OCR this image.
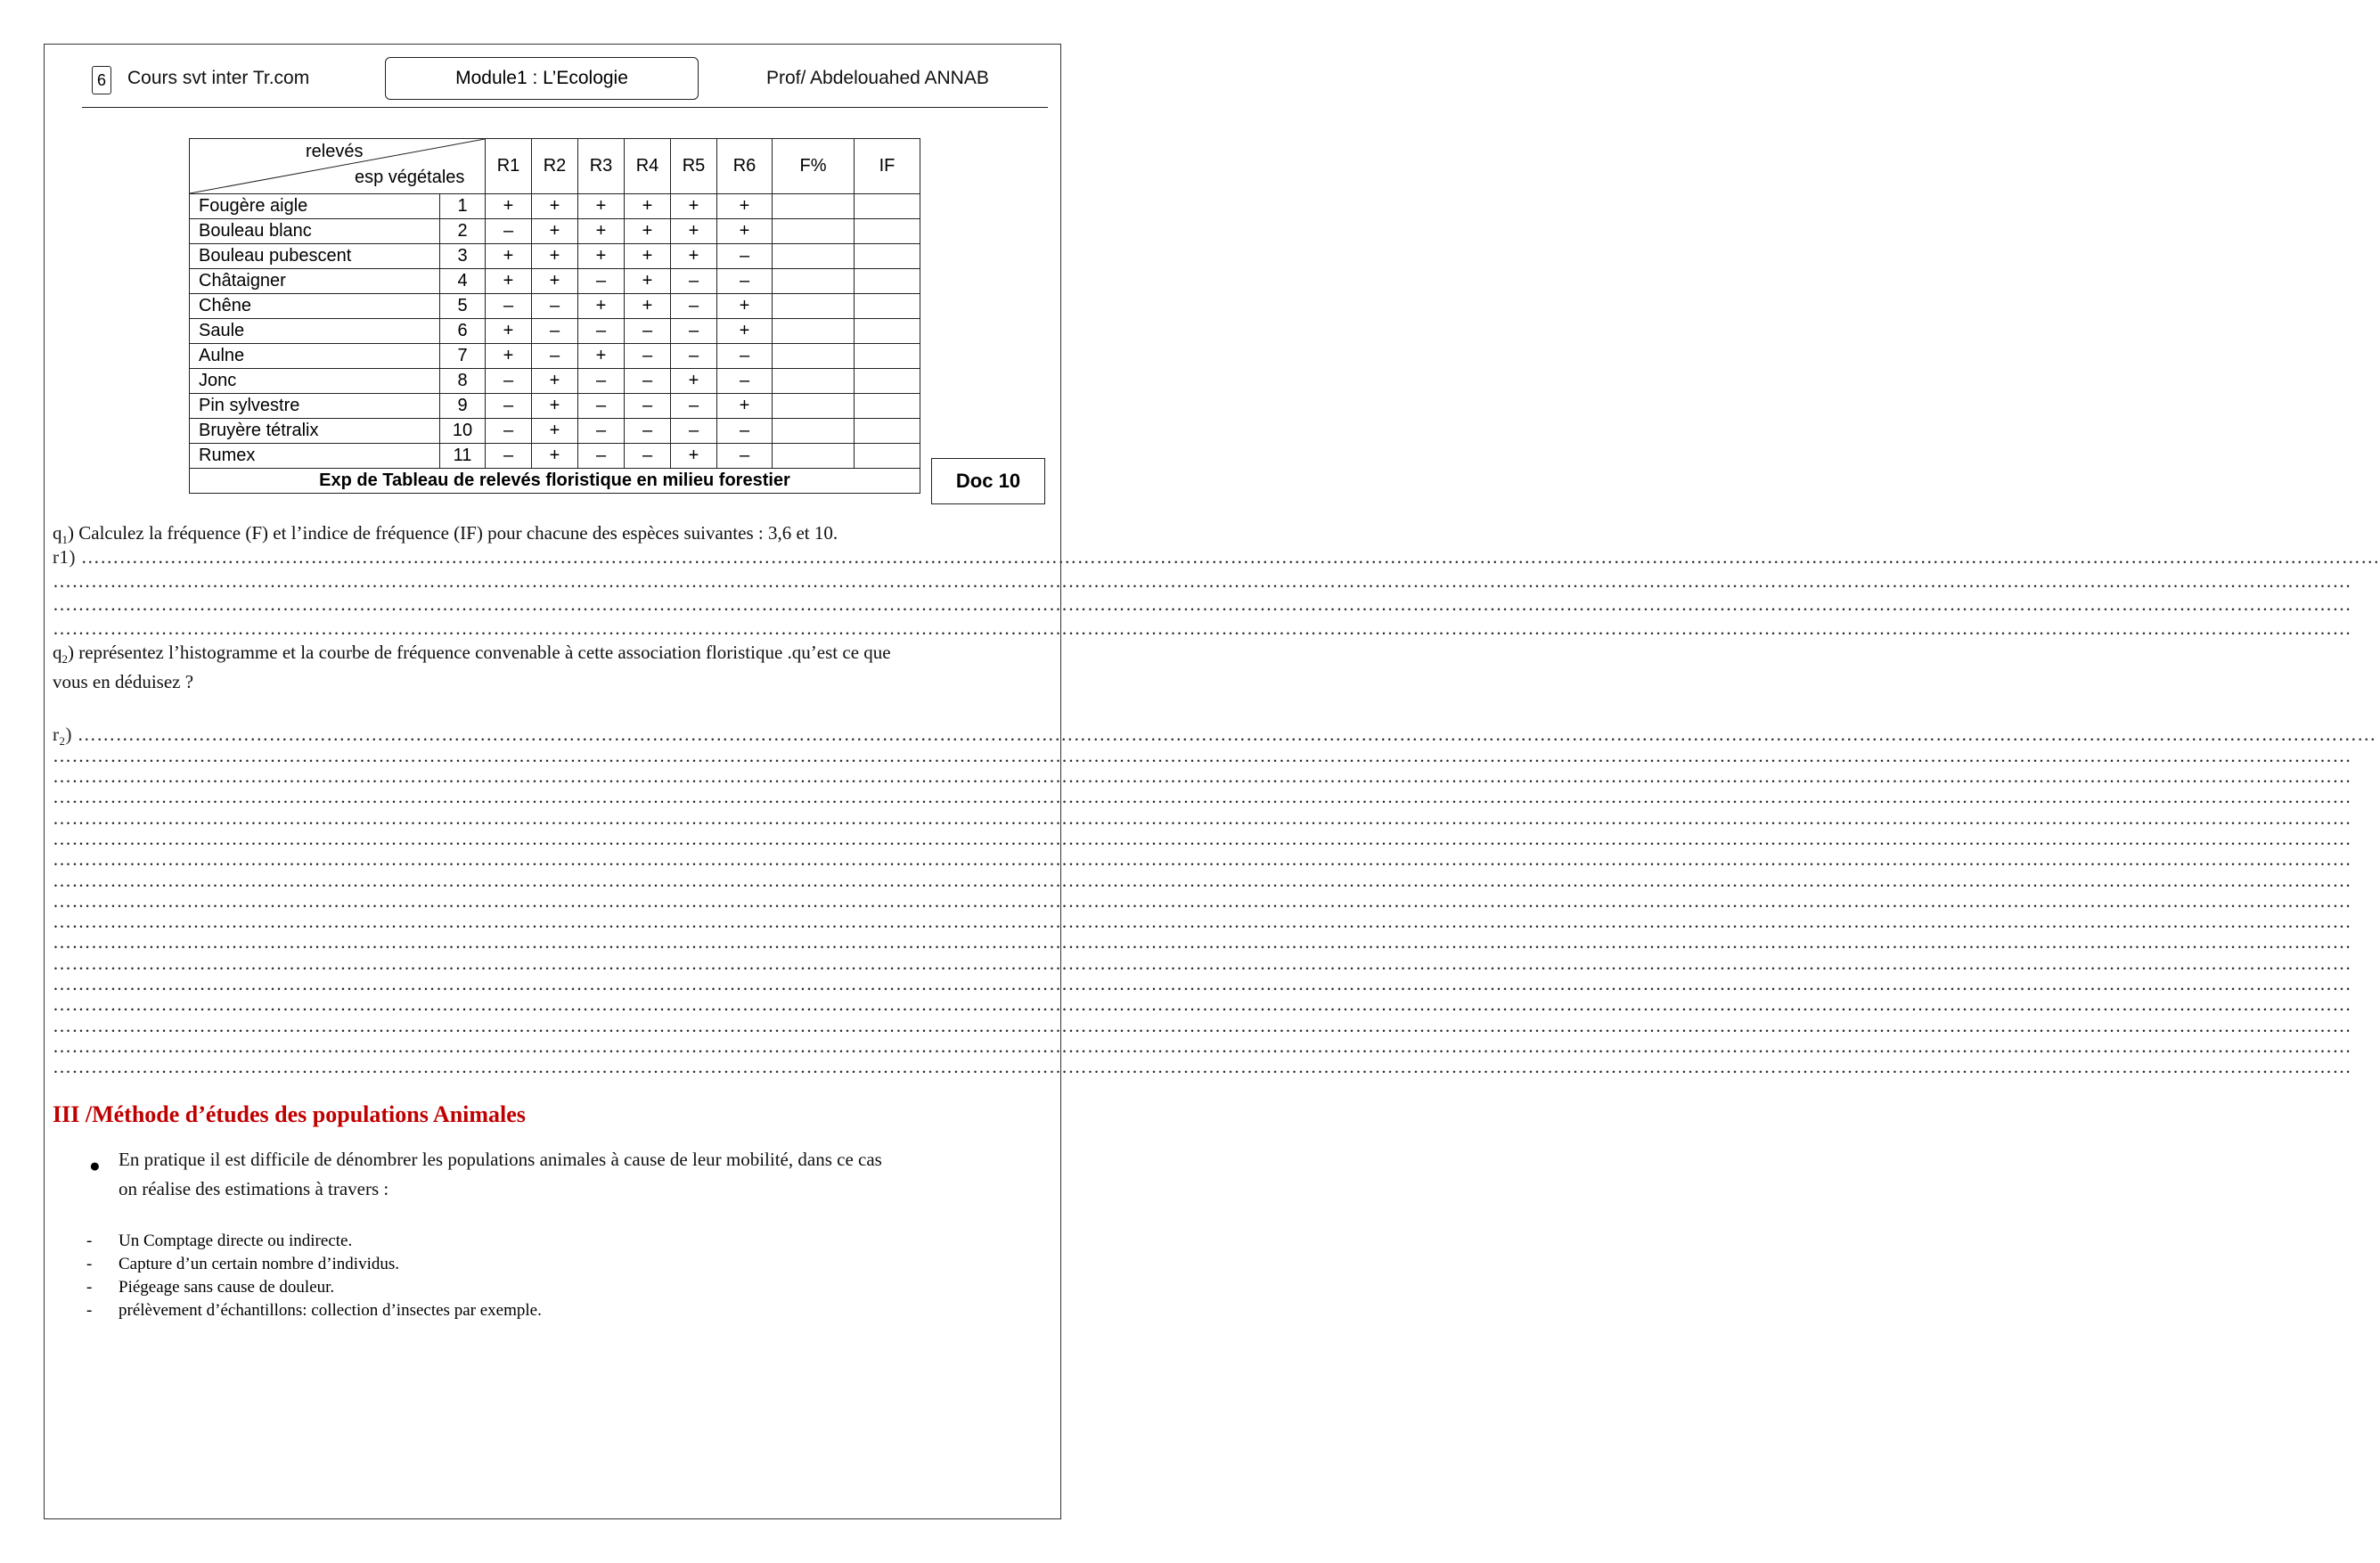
6 Cours svt inter Tr.com	Module1 : L’Ecologie	Prof/ Abdelouahed ANNAB
relevés
esp végétales		R1	R2	R3	R4	R5	R6	F%	IF
Fougère aigle	1	+	+	+	+	+	+		
Bouleau blanc	2	–	+	+	+	+	+		
Bouleau pubescent	3	+	+	+	+	+	–		
Châtaigner	4	+	+	–	+	–	–		
Chêne	5	–	–	+	+	–	+		
Saule	6	+	–	–	–	–	+		
Aulne	7	+	–	+	–	–	–		
Jonc	8	–	+	–	–	+	–		
Pin sylvestre	9	–	+	–	–	–	+		
Bruyère tétralix	10	–	+	–	–	–	–		
Rumex	11	–	+	–	–	+	–		
Exp de Tableau de relevés floristique en milieu forestier										Doc 10
$q_1$) Calculez la fréquence (F) et l’indice de fréquence (IF) pour chacune des espèces suivantes : 3,6 et 10.
r1) ………………………………………………………………………………………………………………………………………………………………………………………………………………………………………………………………………………………………………………………………
………………………………………………………………………………………………………………………………………………………………………………………………………………………………………………………………………………………………………………………………
………………………………………………………………………………………………………………………………………………………………………………………………………………………………………………………………………………………………………………………………
………………………………………………………………………………………………………………………………………………………………………………………………………………………………………………………………………………………………………………………………
$q_2$) représentez l’histogramme et la courbe de fréquence convenable à cette association floristique .qu’est ce que
vous en déduisez ?
$r_2$) ………………………………………………………………………………………………………………………………………………………………………………………………………………………………………………………………………………………………………………………………
………………………………………………………………………………………………………………………………………………………………………………………………………………………………………………………………………………………………………………………………
………………………………………………………………………………………………………………………………………………………………………………………………………………………………………………………………………………………………………………………………
………………………………………………………………………………………………………………………………………………………………………………………………………………………………………………………………………………………………………………………………
………………………………………………………………………………………………………………………………………………………………………………………………………………………………………………………………………………………………………………………………
………………………………………………………………………………………………………………………………………………………………………………………………………………………………………………………………………………………………………………………………
………………………………………………………………………………………………………………………………………………………………………………………………………………………………………………………………………………………………………………………………
………………………………………………………………………………………………………………………………………………………………………………………………………………………………………………………………………………………………………………………………
………………………………………………………………………………………………………………………………………………………………………………………………………………………………………………………………………………………………………………………………
………………………………………………………………………………………………………………………………………………………………………………………………………………………………………………………………………………………………………………………………
………………………………………………………………………………………………………………………………………………………………………………………………………………………………………………………………………………………………………………………………
………………………………………………………………………………………………………………………………………………………………………………………………………………………………………………………………………………………………………………………………
………………………………………………………………………………………………………………………………………………………………………………………………………………………………………………………………………………………………………………………………
………………………………………………………………………………………………………………………………………………………………………………………………………………………………………………………………………………………………………………………………
………………………………………………………………………………………………………………………………………………………………………………………………………………………………………………………………………………………………………………………………
………………………………………………………………………………………………………………………………………………………………………………………………………………………………………………………………………………………………………………………………
………………………………………………………………………………………………………………………………………………………………………………………………………………………………………………………………………………………………………………………………
III /Méthode d’études des populations Animales
● En pratique il est difficile de dénombrer les populations animales à cause de leur mobilité, dans ce cas
on réalise des estimations à travers :
- Un Comptage directe ou indirecte.
- Capture d’un certain nombre d’individus.
- Piégeage sans cause de douleur.
- prélèvement d’échantillons: collection d’insectes par exemple.
